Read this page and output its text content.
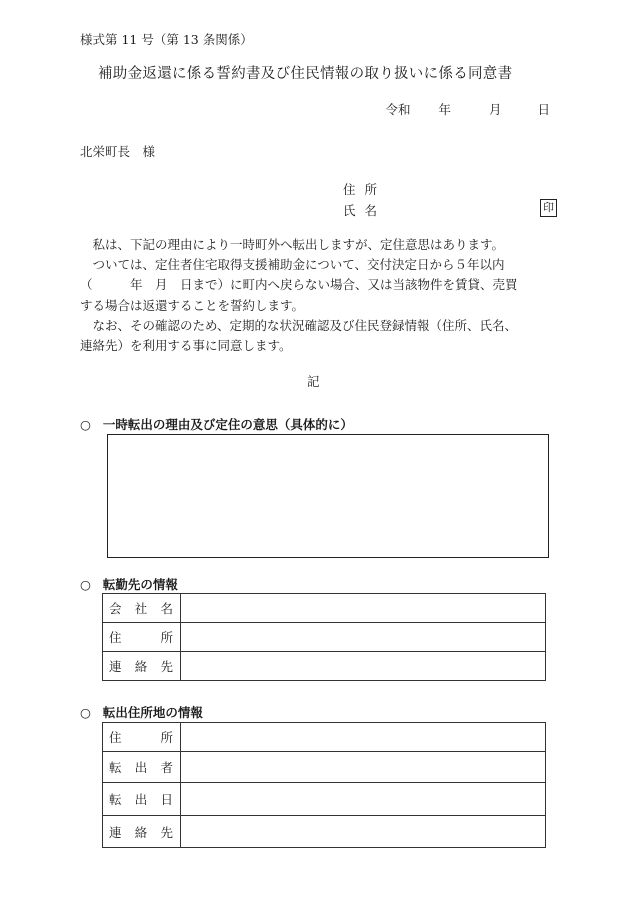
様式第 11 号（第 13 条関係）
補助金返還に係る誓約書及び住民情報の取り扱いに係る同意書
令和 年	月	日
北栄町長　様
住所
氏名	印

　私は、下記の理由により一時町外へ転出しますが、定住意思はあります。

　ついては、定住者住宅取得支援補助金について、交付決定日から５年以内

（　　　年　月　日まで）に町内へ戻らない場合、又は当該物件を賃貸、売買

する場合は返還することを誓約します。

　なお、その確認のため、定期的な状況確認及び住民登録情報（住所、氏名、

連絡先）を利用する事に同意します。

記
○ 一時転出の理由及び定住の意思（具体的に）
○ 転勤先の情報
会 社 名	

住 所	

連 絡 先	

○ 転出住所地の情報
住 所	

転 出 者	

転 出 日	

連 絡 先	
